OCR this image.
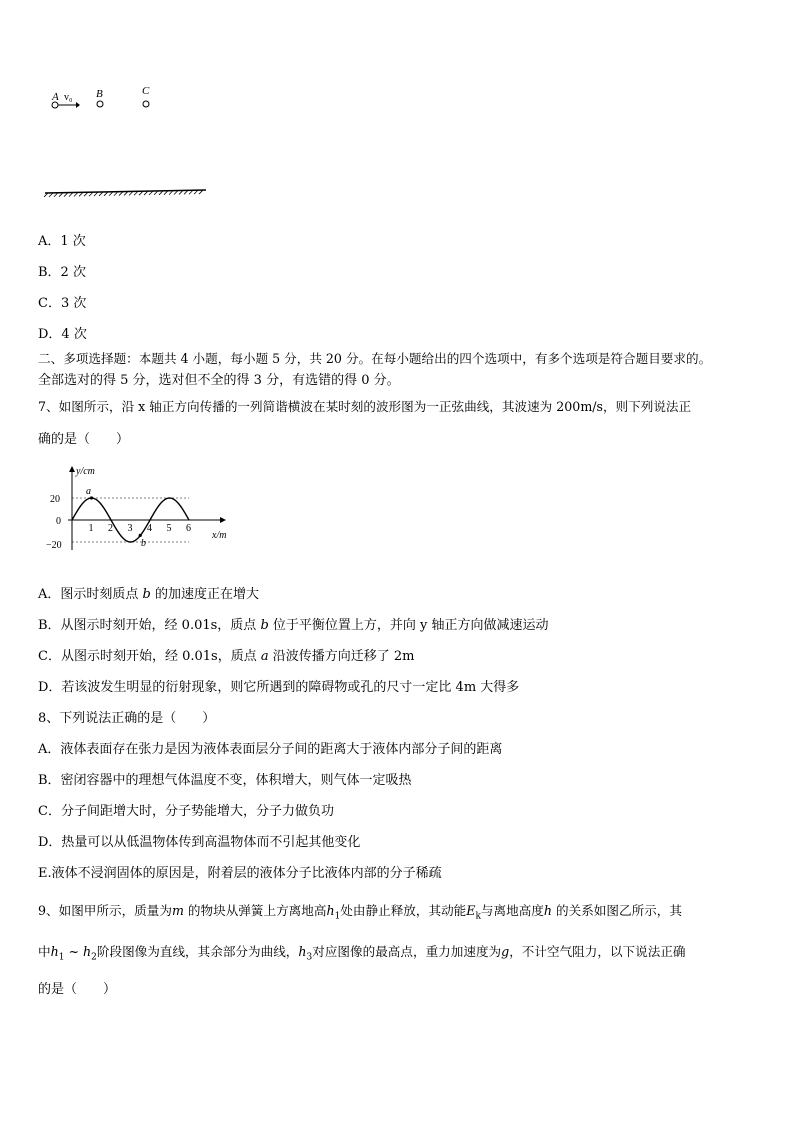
A v₀ B	C
A．1 次
B．2 次
C．3 次
D．4 次
二、多项选择题：本题共 4 小题，每小题 5 分，共 20 分。在每小题给出的四个选项中，有多个选项是符合题目要求的。
全部选对的得 5 分，选对但不全的得 3 分，有选错的得 0 分。
7、如图所示，沿 x 轴正方向传播的一列简谐横波在某时刻的波形图为一正弦曲线，其波速为 200m/s，则下列说法正
确的是（　　）
y/cm
x/m
20
0
−20
a
b
1 2 3 4 5 6
A．图示时刻质点 b 的加速度正在增大
B．从图示时刻开始，经 0.01s，质点 b 位于平衡位置上方，并向 y 轴正方向做减速运动
C．从图示时刻开始，经 0.01s，质点 a 沿波传播方向迁移了 2m
D．若该波发生明显的衍射现象，则它所遇到的障碍物或孔的尺寸一定比 4m 大得多
8、下列说法正确的是（　　）
A．液体表面存在张力是因为液体表面层分子间的距离大于液体内部分子间的距离
B．密闭容器中的理想气体温度不变，体积增大，则气体一定吸热
C．分子间距增大时，分子势能增大，分子力做负功
D．热量可以从低温物体传到高温物体而不引起其他变化
E.液体不浸润固体的原因是，附着层的液体分子比液体内部的分子稀疏
9、如图甲所示，质量为m 的物块从弹簧上方离地高$h_1$处由静止释放，其动能$E_k$与离地高度h 的关系如图乙所示，其
中$h_1$ ~ $h_2$阶段图像为直线，其余部分为曲线，$h_3$对应图像的最高点，重力加速度为g，不计空气阻力，以下说法正确
的是（　　）
